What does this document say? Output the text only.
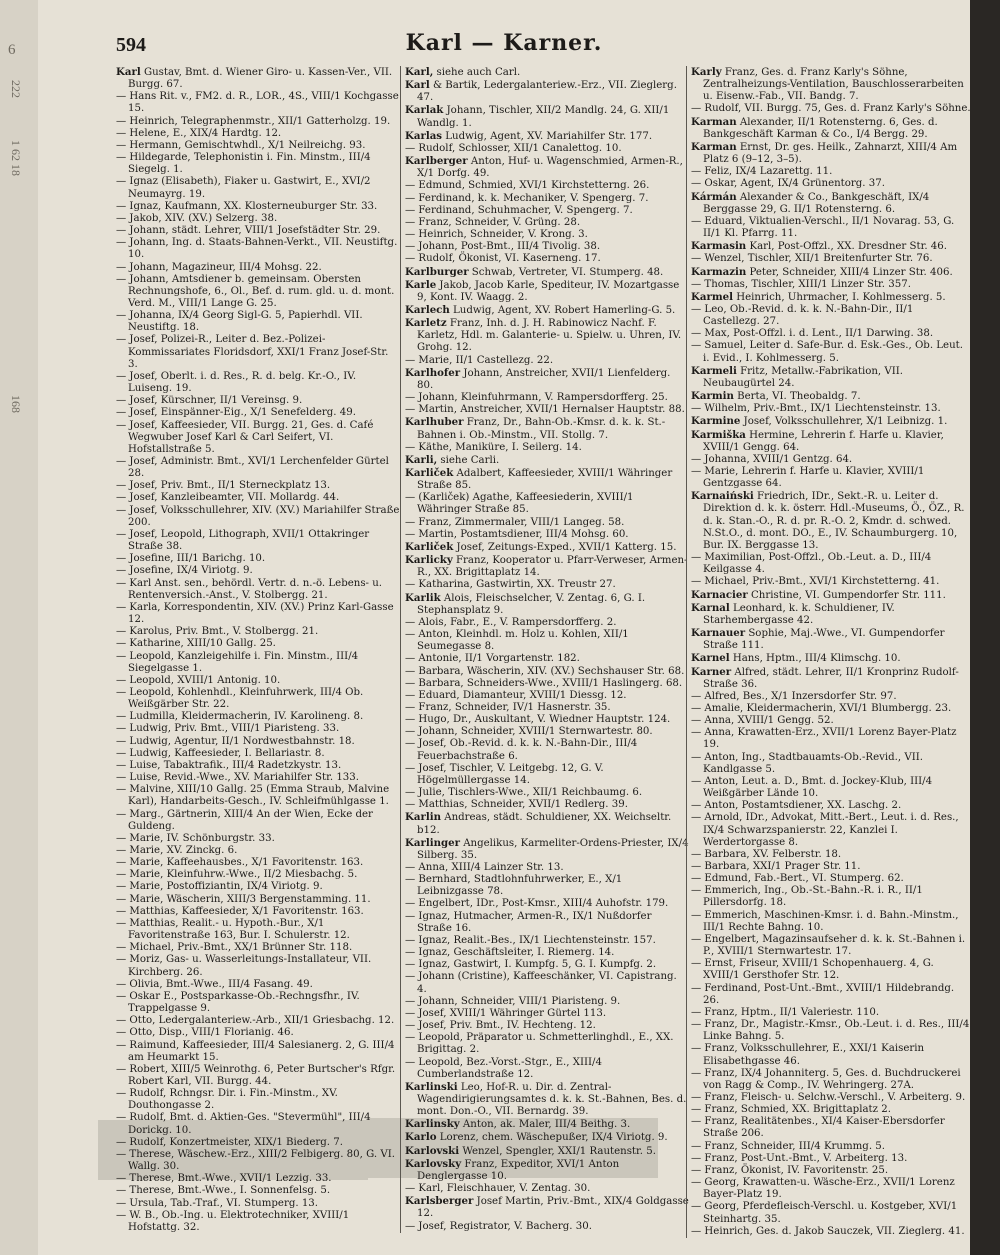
6
222
1 62 18
168
594	Karl — Karner.

Karl Gustav, Bmt. d. Wiener Giro- u. Kassen-Ver., VII. Burgg. 67.

— Hans Rit. v., FM2. d. R., LOR., 4S., VIII/1 Kochgasse 15.

— Heinrich, Telegraphenmstr., XII/1 Gatterholzg. 19.

— Helene, E., XIX/4 Hardtg. 12.

— Hermann, Gemischtwhdl., X/1 Neilreichg. 93.

— Hildegarde, Telephonistin i. Fin. Minstm., III/4 Siegelg. 1.

— Ignaz (Elisabeth), Fiaker u. Gastwirt, E., XVI/2 Neumayrg. 19.

— Ignaz, Kaufmann, XX. Klosterneuburger Str. 33.

— Jakob, XIV. (XV.) Selzerg. 38.

— Johann, städt. Lehrer, VIII/1 Josefstädter Str. 29.

— Johann, Ing. d. Staats-Bahnen-Verkt., VII. Neustiftg. 10.

— Johann, Magazineur, III/4 Mohsg. 22.

— Johann, Amtsdiener b. gemeinsam. Obersten Rechnungshofe, 6., Ol., Bef. d. rum. gld. u. d. mont. Verd. M., VIII/1 Lange G. 25.

— Johanna, IX/4 Georg Sigl-G. 5, Papierhdl. VII. Neustiftg. 18.

— Josef, Polizei-R., Leiter d. Bez.-Polizei-Kommissariates Floridsdorf, XXI/1 Franz Josef-Str. 3.

— Josef, Oberlt. i. d. Res., R. d. belg. Kr.-O., IV. Luiseng. 19.

— Josef, Kürschner, II/1 Vereinsg. 9.

— Josef, Einspänner-Eig., X/1 Senefelderg. 49.

— Josef, Kaffeesieder, VII. Burgg. 21, Ges. d. Café Wegwuber Josef Karl & Carl Seifert, VI. Hofstallstraße 5.

— Josef, Administr. Bmt., XVI/1 Lerchenfelder Gürtel 28.

— Josef, Priv. Bmt., II/1 Sterneckplatz 13.

— Josef, Kanzleibeamter, VII. Mollardg. 44.

— Josef, Volksschullehrer, XIV. (XV.) Mariahilfer Straße 200.

— Josef, Leopold, Lithograph, XVII/1 Ottakringer Straße 38.

— Josefine, III/1 Barichg. 10.

— Josefine, IX/4 Viriotg. 9.

— Karl Anst. sen., behördl. Vertr. d. n.-ö. Lebens- u. Rentenversich.-Anst., V. Stolbergg. 21.

— Karla, Korrespondentin, XIV. (XV.) Prinz Karl-Gasse 12.

— Karolus, Priv. Bmt., V. Stolbergg. 21.

— Katharine, XIII/10 Gallg. 25.

— Leopold, Kanzleigehilfe i. Fin. Minstm., III/4 Siegelgasse 1.

— Leopold, XVIII/1 Antonig. 10.

— Leopold, Kohlenhdl., Kleinfuhrwerk, III/4 Ob. Weißgärber Str. 22.

— Ludmilla, Kleidermacherin, IV. Karolineng. 8.

— Ludwig, Priv. Bmt., VIII/1 Piaristeng. 33.

— Ludwig, Agentur, II/1 Nordwestbahnstr. 18.

— Ludwig, Kaffeesieder, I. Bellariastr. 8.

— Luise, Tabaktrafik., III/4 Radetzkystr. 13.

— Luise, Revid.-Wwe., XV. Mariahilfer Str. 133.

— Malvine, XIII/10 Gallg. 25 (Emma Straub, Malvine Karl), Handarbeits-Gesch., IV. Schleifmühlgasse 1.

— Marg., Gärtnerin, XIII/4 An der Wien, Ecke der Guldeng.

— Marie, IV. Schönburgstr. 33.

— Marie, XV. Zinckg. 6.

— Marie, Kaffeehausbes., X/1 Favoritenstr. 163.

— Marie, Kleinfuhrw.-Wwe., II/2 Miesbachg. 5.

— Marie, Postoffiziantin, IX/4 Viriotg. 9.

— Marie, Wäscherin, XIII/3 Bergenstamming. 11.

— Matthias, Kaffeesieder, X/1 Favoritenstr. 163.

— Matthias, Realit.- u. Hypoth.-Bur., X/1 Favoritenstraße 163, Bur. I. Schulerstr. 12.

— Michael, Priv.-Bmt., XX/1 Brünner Str. 118.

— Moriz, Gas- u. Wasserleitungs-Installateur, VII. Kirchberg. 26.

— Olivia, Bmt.-Wwe., III/4 Fasang. 49.

— Oskar E., Postsparkasse-Ob.-Rechngsfhr., IV. Trappelgasse 9.

— Otto, Ledergalanteriew.-Arb., XII/1 Griesbachg. 12.

— Otto, Disp., VIII/1 Florianig. 46.

— Raimund, Kaffeesieder, III/4 Salesianerg. 2, G. III/4 am Heumarkt 15.

— Robert, XIII/5 Weinrothg. 6, Peter Burtscher's Rfgr. Robert Karl, VII. Burgg. 44.

— Rudolf, Rchngsr. Dir. i. Fin.-Minstm., XV. Douthongasse 2.

— Rudolf, Bmt. d. Aktien-Ges. "Stevermühl", III/4 Dorickg. 10.

— Rudolf, Konzertmeister, XIX/1 Biederg. 7.

— Therese, Wäschew.-Erz., XIII/2 Felbigerg. 80, G. VI. Wallg. 30.

— Therese, Bmt.-Wwe., XVII/1 Lezzig. 33.

— Therese, Bmt.-Wwe., I. Sonnenfelsg. 5.

— Ursula, Tab.-Traf., VI. Stumperg. 13.

— W. B., Ob.-Ing. u. Elektrotechniker, XVIII/1 Hofstattg. 32.

Karl, siehe auch Carl.

Karl & Bartik, Ledergalanteriew.-Erz., VII. Zieglerg. 47.

Karlak Johann, Tischler, XII/2 Mandlg. 24, G. XII/1 Wandlg. 1.

Karlas Ludwig, Agent, XV. Mariahilfer Str. 177.

— Rudolf, Schlosser, XII/1 Canalettog. 10.

Karlberger Anton, Huf- u. Wagenschmied, Armen-R., X/1 Dorfg. 49.

— Edmund, Schmied, XVI/1 Kirchstetterng. 26.

— Ferdinand, k. k. Mechaniker, V. Spengerg. 7.

— Ferdinand, Schuhmacher, V. Spengerg. 7.

— Franz, Schneider, V. Grüng. 28.

— Heinrich, Schneider, V. Krong. 3.

— Johann, Post-Bmt., III/4 Tivolig. 38.

— Rudolf, Ökonist, VI. Kaserneng. 17.

Karlburger Schwab, Vertreter, VI. Stumperg. 48.

Karle Jakob, Jacob Karle, Spediteur, IV. Mozartgasse 9, Kont. IV. Waagg. 2.

Karlech Ludwig, Agent, XV. Robert Hamerling-G. 5.

Karletz Franz, Inh. d. J. H. Rabinowicz Nachf. F. Karletz, Hdl. m. Galanterie- u. Spielw. u. Uhren, IV. Grohg. 12.

— Marie, II/1 Castellezg. 22.

Karlhofer Johann, Anstreicher, XVII/1 Lienfelderg. 80.

— Johann, Kleinfuhrmann, V. Rampersdorfferg. 25.

— Martin, Anstreicher, XVII/1 Hernalser Hauptstr. 88.

Karlhuber Franz, Dr., Bahn-Ob.-Kmsr. d. k. k. St.-Bahnen i. Ob.-Minstm., VII. Stollg. 7.

— Käthe, Maniküre, I. Seilerg. 14.

Karli, siehe Carli.

Karliček Adalbert, Kaffeesieder, XVIII/1 Währinger Straße 85.

— (Karliček) Agathe, Kaffeesiederin, XVIII/1 Währinger Straße 85.

— Franz, Zimmermaler, VIII/1 Langeg. 58.

— Martin, Postamtsdiener, III/4 Mohsg. 60.

Karliček Josef, Zeitungs-Exped., XVII/1 Katterg. 15.

Karlicky Franz, Kooperator u. Pfarr-Verweser, Armen-R., XX. Brigittaplatz 14.

— Katharina, Gastwirtin, XX. Treustr 27.

Karlik Alois, Fleischselcher, V. Zentag. 6, G. I. Stephansplatz 9.

— Alois, Fabr., E., V. Rampersdorfferg. 2.

— Anton, Kleinhdl. m. Holz u. Kohlen, XII/1 Seumegasse 8.

— Antonie, II/1 Vorgartenstr. 182.

— Barbara, Wäscherin, XIV. (XV.) Sechshauser Str. 68.

— Barbara, Schneiders-Wwe., XVIII/1 Haslingerg. 68.

— Eduard, Diamanteur, XVIII/1 Diessg. 12.

— Franz, Schneider, IV/1 Hasnerstr. 35.

— Hugo, Dr., Auskultant, V. Wiedner Hauptstr. 124.

— Johann, Schneider, XVIII/1 Sternwartestr. 80.

— Josef, Ob.-Revid. d. k. k. N.-Bahn-Dir., III/4 Feuerbachstraße 6.

— Josef, Tischler, V. Leitgebg. 12, G. V. Högelmüllergasse 14.

— Julie, Tischlers-Wwe., XII/1 Reichbaumg. 6.

— Matthias, Schneider, XVII/1 Redlerg. 39.

Karlin Andreas, städt. Schuldiener, XX. Weichseltr. b12.

Karlinger Angelikus, Karmeliter-Ordens-Priester, IX/4 Silberg. 35.

— Anna, XIII/4 Lainzer Str. 13.

— Bernhard, Stadtlohnfuhrwerker, E., X/1 Leibnizgasse 78.

— Engelbert, IDr., Post-Kmsr., XIII/4 Auhofstr. 179.

— Ignaz, Hutmacher, Armen-R., IX/1 Nußdorfer Straße 16.

— Ignaz, Realit.-Bes., IX/1 Liechtensteinstr. 157.

— Ignaz, Geschäftsleiter, I. Riemerg. 14.

— Ignaz, Gastwirt, I. Kumpfg. 5, G. I. Kumpfg. 2.

— Johann (Cristine), Kaffeeschänker, VI. Capistrang. 4.

— Johann, Schneider, VIII/1 Piaristeng. 9.

— Josef, XVIII/1 Währinger Gürtel 113.

— Josef, Priv. Bmt., IV. Hechteng. 12.

— Leopold, Präparator u. Schmetterlinghdl., E., XX. Brigittag. 2.

— Leopold, Bez.-Vorst.-Stgr., E., XIII/4 Cumberlandstraße 12.

Karlinski Leo, Hof-R. u. Dir. d. Zentral-Wagendirigierungsamtes d. k. k. St.-Bahnen, Bes. d. mont. Don.-O., VII. Bernardg. 39.

Karlinsky Anton, ak. Maler, III/4 Beithg. 3.

Karlo Lorenz, chem. Wäschepußer, IX/4 Viriotg. 9.

Karlovski Wenzel, Spengler, XXI/1 Rautenstr. 5.

Karlovsky Franz, Expeditor, XVI/1 Anton Denglergasse 10.

— Karl, Fleischhauer, V. Zentag. 30.

Karlsberger Josef Martin, Priv.-Bmt., XIX/4 Goldgasse 12.

— Josef, Registrator, V. Bacherg. 30.

Karly Franz, Ges. d. Franz Karly's Söhne, Zentralheizungs-Ventilation, Bauschlosserarbeiten u. Eisenw.-Fab., VII. Bandg. 7.

— Rudolf, VII. Burgg. 75, Ges. d. Franz Karly's Söhne.

Karman Alexander, II/1 Rotensterng. 6, Ges. d. Bankgeschäft Karman & Co., I/4 Bergg. 29.

Karman Ernst, Dr. ges. Heilk., Zahnarzt, XIII/4 Am Platz 6 (9–12, 3–5).

— Feliz, IX/4 Lazarettg. 11.

— Oskar, Agent, IX/4 Grünentorg. 37.

Kármán Alexander & Co., Bankgeschäft, IX/4 Berggasse 29, G. II/1 Rotensterng. 6.

— Eduard, Viktualien-Verschl., II/1 Novarag. 53, G. II/1 Kl. Pfarrg. 11.

Karmasin Karl, Post-Offzl., XX. Dresdner Str. 46.

— Wenzel, Tischler, XII/1 Breitenfurter Str. 76.

Karmazin Peter, Schneider, XIII/4 Linzer Str. 406.

— Thomas, Tischler, XIII/1 Linzer Str. 357.

Karmel Heinrich, Uhrmacher, I. Kohlmesserg. 5.

— Leo, Ob.-Revid. d. k. k. N.-Bahn-Dir., II/1 Castellezg. 27.

— Max, Post-Offzl. i. d. Lent., II/1 Darwing. 38.

— Samuel, Leiter d. Safe-Bur. d. Esk.-Ges., Ob. Leut. i. Evid., I. Kohlmesserg. 5.

Karmeli Fritz, Metallw.-Fabrikation, VII. Neubaugürtel 24.

Karmin Berta, VI. Theobaldg. 7.

— Wilhelm, Priv.-Bmt., IX/1 Liechtensteinstr. 13.

Karmine Josef, Volksschullehrer, X/1 Leibnizg. 1.

Karmiška Hermine, Lehrerin f. Harfe u. Klavier, XVIII/1 Gengg. 64.

— Johanna, XVIII/1 Gentzg. 64.

— Marie, Lehrerin f. Harfe u. Klavier, XVIII/1 Gentzgasse 64.

Karnaiński Friedrich, IDr., Sekt.-R. u. Leiter d. Direktion d. k. k. österr. Hdl.-Museums, Ö., ÖZ., R. d. k. Stan.-O., R. d. pr. R.-O. 2, Kmdr. d. schwed. N.St.O., d. mont. DO., E., IV. Schaumburgerg. 10, Bur. IX. Berggasse 13.

— Maximilian, Post-Offzl., Ob.-Leut. a. D., III/4 Keilgasse 4.

— Michael, Priv.-Bmt., XVI/1 Kirchstetterng. 41.

Karnacier Christine, VI. Gumpendorfer Str. 111.

Karnal Leonhard, k. k. Schuldiener, IV. Starhembergasse 42.

Karnauer Sophie, Maj.-Wwe., VI. Gumpendorfer Straße 111.

Karnel Hans, Hptm., III/4 Klimschg. 10.

Karner Alfred, städt. Lehrer, II/1 Kronprinz Rudolf-Straße 36.

— Alfred, Bes., X/1 Inzersdorfer Str. 97.

— Amalie, Kleidermacherin, XVI/1 Blumbergg. 23.

— Anna, XVIII/1 Gengg. 52.

— Anna, Krawatten-Erz., XVII/1 Lorenz Bayer-Platz 19.

— Anton, Ing., Stadtbauamts-Ob.-Revid., VII. Kandlgasse 5.

— Anton, Leut. a. D., Bmt. d. Jockey-Klub, III/4 Weißgärber Lände 10.

— Anton, Postamtsdiener, XX. Laschg. 2.

— Arnold, IDr., Advokat, Mitt.-Bert., Leut. i. d. Res., IX/4 Schwarzspanierstr. 22, Kanzlei I. Werdertorgasse 8.

— Barbara, XV. Felberstr. 18.

— Barbara, XXI/1 Prager Str. 11.

— Edmund, Fab.-Bert., VI. Stumperg. 62.

— Emmerich, Ing., Ob.-St.-Bahn.-R. i. R., II/1 Pillersdorfg. 18.

— Emmerich, Maschinen-Kmsr. i. d. Bahn.-Minstm., III/1 Rechte Bahng. 10.

— Engelbert, Magazinsaufseher d. k. k. St.-Bahnen i. P., XVIII/1 Sternwartestr. 17.

— Ernst, Friseur, XVIII/1 Schopenhauerg. 4, G. XVIII/1 Gersthofer Str. 12.

— Ferdinand, Post-Unt.-Bmt., XVIII/1 Hildebrandg. 26.

— Franz, Hptm., II/1 Valeriestr. 110.

— Franz, Dr., Magistr.-Kmsr., Ob.-Leut. i. d. Res., III/4 Linke Bahng. 5.

— Franz, Volksschullehrer, E., XXI/1 Kaiserin Elisabethgasse 46.

— Franz, IX/4 Johanniterg. 5, Ges. d. Buchdruckerei von Ragg & Comp., IV. Wehringerg. 27A.

— Franz, Fleisch- u. Selchw.-Verschl., V. Arbeiterg. 9.

— Franz, Schmied, XX. Brigittaplatz 2.

— Franz, Realitätenbes., XI/4 Kaiser-Ebersdorfer Straße 206.

— Franz, Schneider, III/4 Krummg. 5.

— Franz, Post-Unt.-Bmt., V. Arbeiterg. 13.

— Franz, Ökonist, IV. Favoritenstr. 25.

— Georg, Krawatten-u. Wäsche-Erz., XVII/1 Lorenz Bayer-Platz 19.

— Georg, Pferdefleisch-Verschl. u. Kostgeber, XVI/1 Steinhartg. 35.

— Heinrich, Ges. d. Jakob Sauczek, VII. Zieglerg. 41.
